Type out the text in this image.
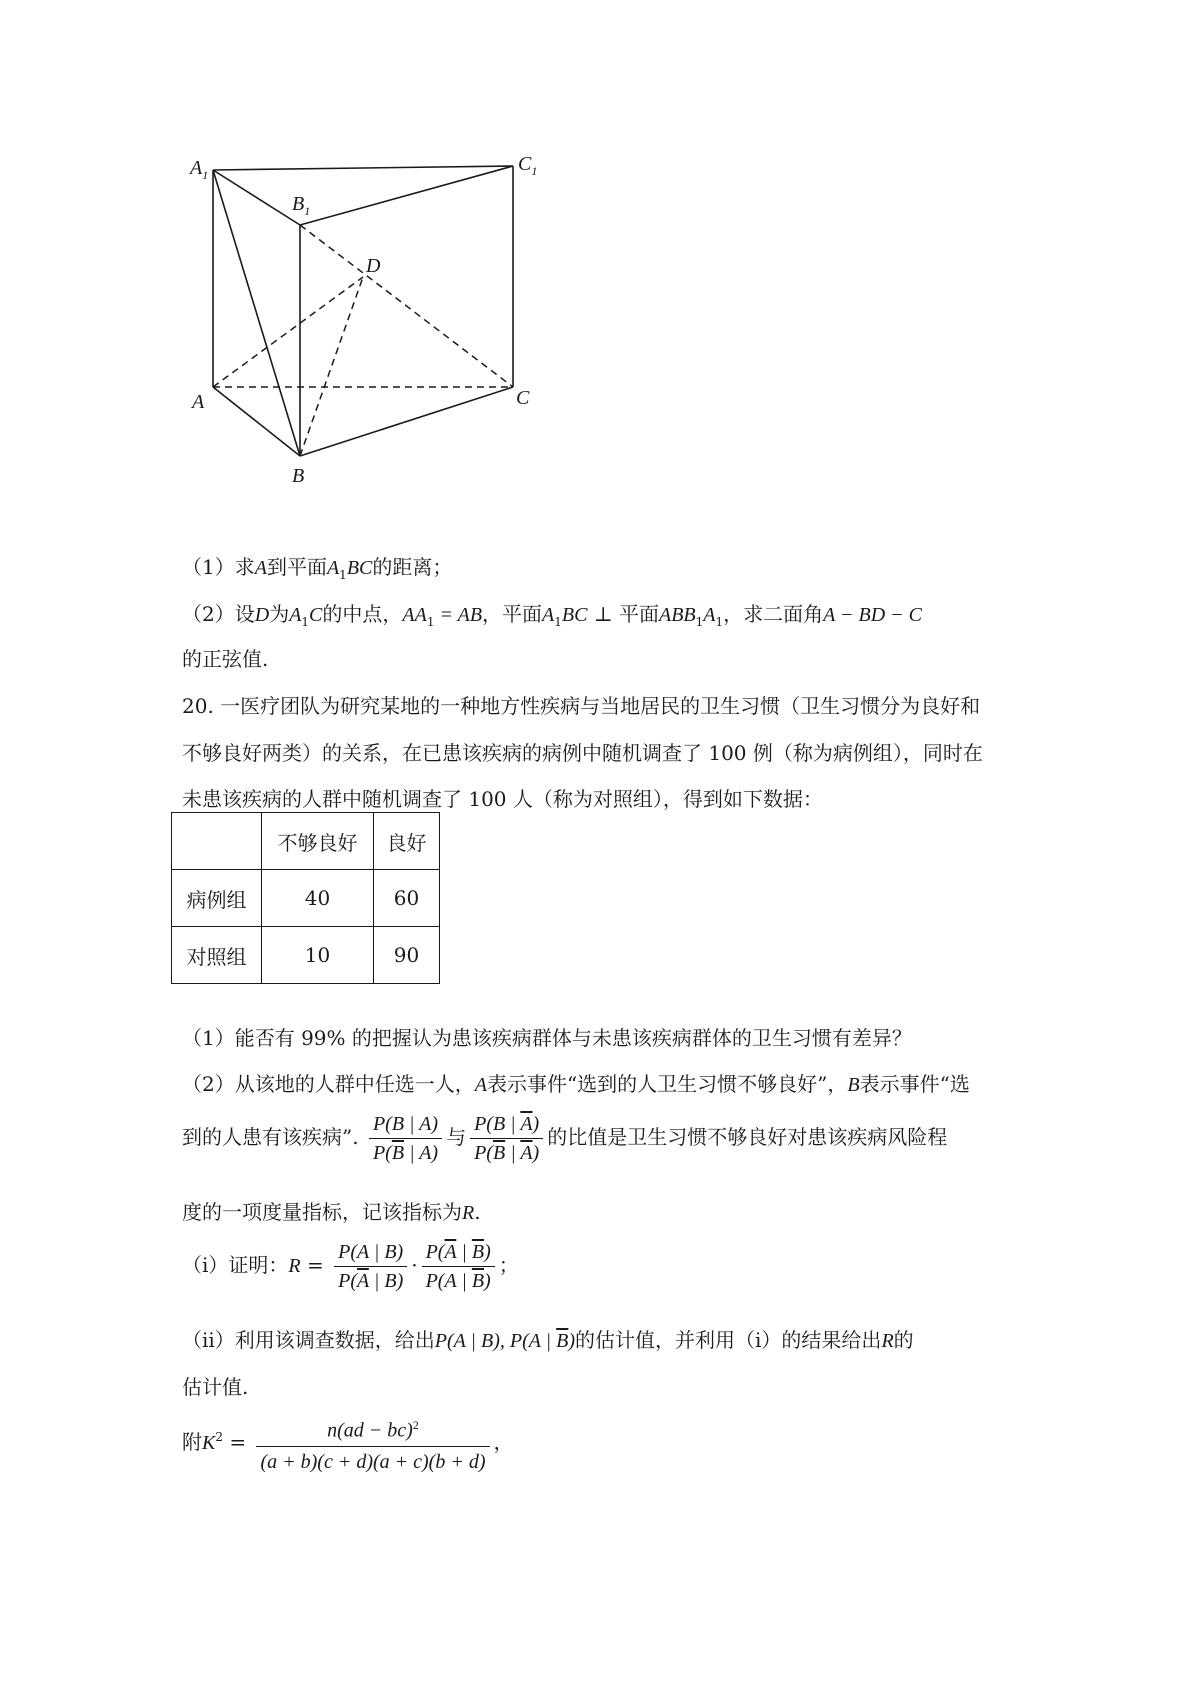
$A_1$	$C_1$
$B_1$
D
A	C
B
（1）求A到平面$A_1BC$的距离；
（2）设D为$A_1C$的中点，$AA_1$ = AB，平面$A_1BC$ ⊥ 平面$ABB_1A_1$，求二面角A − BD − C
的正弦值.
20. 一医疗团队为研究某地的一种地方性疾病与当地居民的卫生习惯（卫生习惯分为良好和
不够良好两类）的关系，在已患该疾病的病例中随机调查了 100 例（称为病例组），同时在
未患该疾病的人群中随机调查了 100 人（称为对照组），得到如下数据：
	不够良好	良好
病例组	40	60
对照组	10	90
（1）能否有 99% 的把握认为患该疾病群体与未患该疾病群体的卫生习惯有差异？
（2）从该地的人群中任选一人，A表示事件“选到的人卫生习惯不够良好”，B表示事件“选
到的人患有该疾病”. $\frac{P(B | A)}{P(\overline{B} | A)}$ 与 $\frac{P(B | \overline{A})}{P(\overline{B} | \overline{A})}$ 的比值是卫生习惯不够良好对患该疾病风险程
度的一项度量指标，记该指标为R.
（ⅰ）证明：$R = \frac{P(A | B)}{P(\overline{A} | B)} \cdot \frac{P(\overline{A} | \overline{B})}{P(A | \overline{B})}$ ；
（ⅱ）利用该调查数据，给出P(A | B), P(A | $\overline{B}$)的估计值，并利用（ⅰ）的结果给出R的
估计值.
附$K^2 = \frac{n(ad - bc)^2}{(a + b)(c + d)(a + c)(b + d)}$ ，
